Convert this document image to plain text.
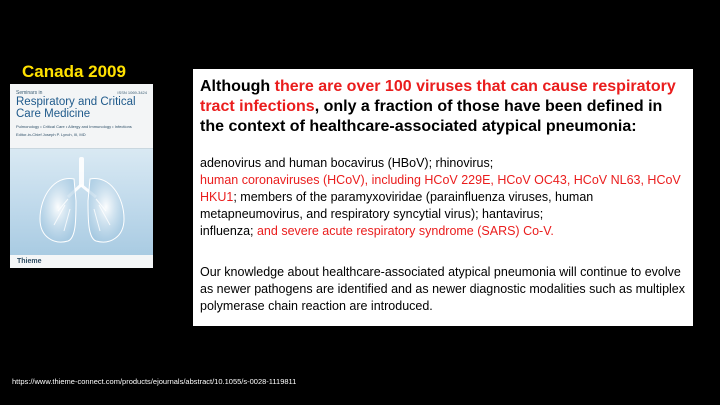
Canada 2009
Seminars in	ISSN 1069-3424
Respiratory and Critical Care Medicine
Pulmonology • Critical Care • Allergy and Immunology • Infections
Editor-in-Chief Joseph P. Lynch, III, MD
Thieme
Although there are over 100 viruses that can cause respiratory tract infections, only a fraction of those have been defined in the context of healthcare-associated atypical pneumonia:
adenovirus and human bocavirus (HBoV); rhinovirus;
human coronaviruses (HCoV), including HCoV 229E, HCoV OC43, HCoV NL63, HCoV HKU1; members of the paramyxoviridae (parainfluenza viruses, human metapneumovirus, and respiratory syncytial virus); hantavirus;
influenza; and severe acute respiratory syndrome (SARS) Co-V.
Our knowledge about healthcare-associated atypical pneumonia will continue to evolve as newer pathogens are identified and as newer diagnostic modalities such as multiplex polymerase chain reaction are introduced.
https://www.thieme-connect.com/products/ejournals/abstract/10.1055/s-0028-1119811
